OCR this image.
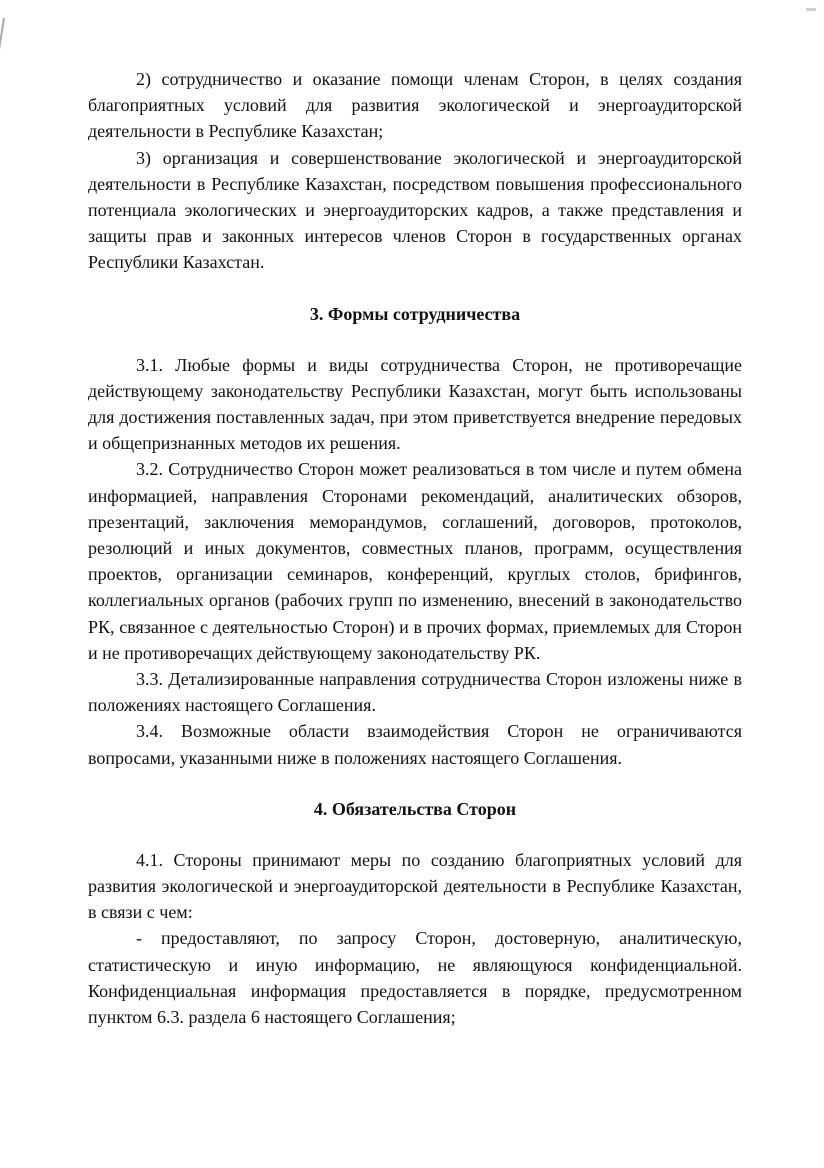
2) сотрудничество и оказание помощи членам Сторон, в целях создания благоприятных условий для развития экологической и энергоаудиторской деятельности в Республике Казахстан;

3) организация и совершенствование экологической и энергоаудиторской деятельности в Республике Казахстан, посредством повышения профессионального потенциала экологических и энергоаудиторских кадров, а также представления и защиты прав и законных интересов членов Сторон в государственных органах Республики Казахстан.

3. Формы сотрудничества

3.1. Любые формы и виды сотрудничества Сторон, не противоречащие действующему законодательству Республики Казахстан, могут быть использованы для достижения поставленных задач, при этом приветствуется внедрение передовых и общепризнанных методов их решения.

3.2. Сотрудничество Сторон может реализоваться в том числе и путем обмена информацией, направления Сторонами рекомендаций, аналитических обзоров, презентаций, заключения меморандумов, соглашений, договоров, протоколов, резолюций и иных документов, совместных планов, программ, осуществления проектов, организации семинаров, конференций, круглых столов, брифингов, коллегиальных органов (рабочих групп по изменению, внесений в законодательство РК, связанное с деятельностью Сторон) и в прочих формах, приемлемых для Сторон и не противоречащих действующему законодательству РК.

3.3. Детализированные направления сотрудничества Сторон изложены ниже в положениях настоящего Соглашения.

3.4. Возможные области взаимодействия Сторон не ограничиваются вопросами, указанными ниже в положениях настоящего Соглашения.

4. Обязательства Сторон

4.1. Стороны принимают меры по созданию благоприятных условий для развития экологической и энергоаудиторской деятельности в Республике Казахстан, в связи с чем:

- предоставляют, по запросу Сторон, достоверную, аналитическую, статистическую и иную информацию, не являющуюся конфиденциальной. Конфиденциальная информация предоставляется в порядке, предусмотренном пунктом 6.3. раздела 6 настоящего Соглашения;
